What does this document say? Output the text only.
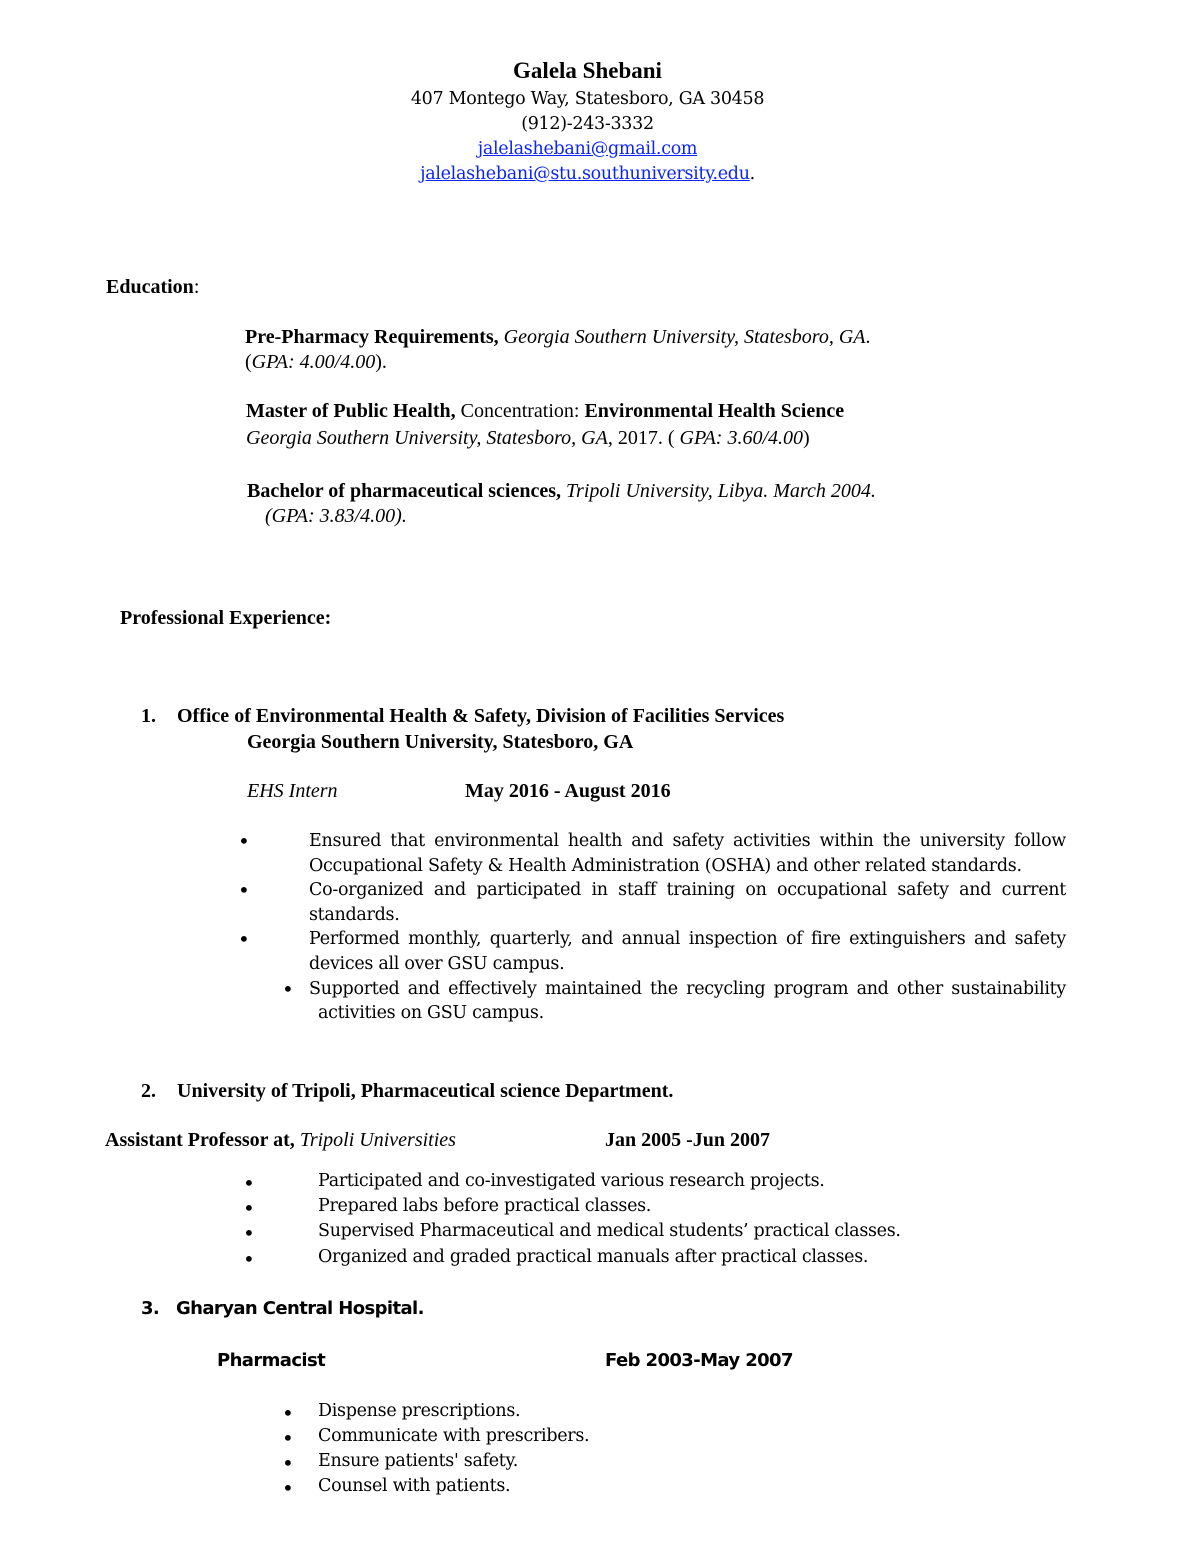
Galela Shebani
407 Montego Way, Statesboro, GA 30458
(912)-243-3332
jalelashebani@gmail.com
jalelashebani@stu.southuniversity.edu.
Education:
Pre-Pharmacy Requirements, Georgia Southern University, Statesboro, GA.
(GPA: 4.00/4.00).
Master of Public Health, Concentration: Environmental Health Science
Georgia Southern University, Statesboro, GA, 2017. ( GPA: 3.60/4.00)
Bachelor of pharmaceutical sciences, Tripoli University, Libya. March 2004.
(GPA: 3.83/4.00).
Professional Experience:
1. Office of Environmental Health & Safety, Division of Facilities Services
Georgia Southern University, Statesboro, GA
EHS Intern	May 2016 - August 2016
•	Ensured that environmental health and safety activities within the university follow Occupational Safety & Health Administration (OSHA) and other related standards.
•	Co-organized and participated in staff training on occupational safety and current standards.
•	Performed monthly, quarterly, and annual inspection of fire extinguishers and safety devices all over GSU campus.
• Supported and effectively maintained the recycling program and other sustainability
activities on GSU campus.
2. University of Tripoli, Pharmaceutical science Department.
Assistant Professor at, Tripoli Universities	Jan 2005 -Jun 2007
•	Participated and co-investigated various research projects.
•	Prepared labs before practical classes.
•	Supervised Pharmaceutical and medical students’ practical classes.
•	Organized and graded practical manuals after practical classes.
3. Gharyan Central Hospital.
Pharmacist	Feb 2003-May 2007
• Dispense prescriptions.
• Communicate with prescribers.
• Ensure patients' safety.
• Counsel with patients.
